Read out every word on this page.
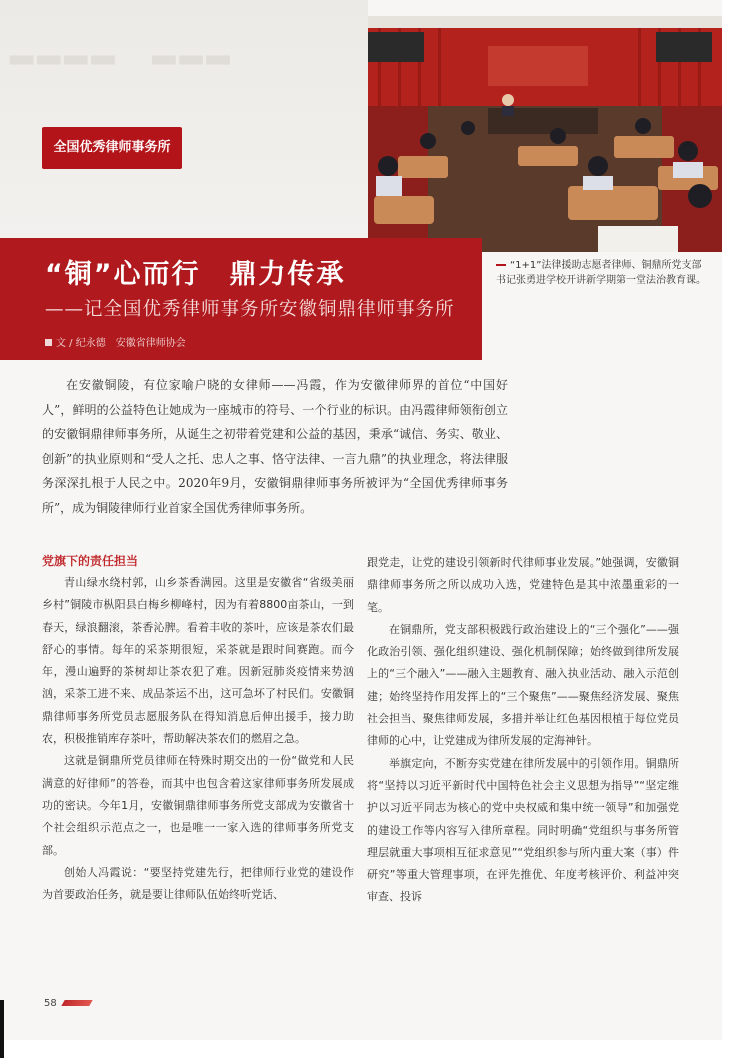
▂▂▂▂　▂▂▂
全国优秀律师事务所
“1+1”法律援助志愿者律师、铜鼎所党支部书记张勇进学校开讲新学期第一堂法治教育课。
“铜”心而行　鼎力传承
——记全国优秀律师事务所安徽铜鼎律师事务所
文 / 纪永德　安徽省律师协会

在安徽铜陵，有位家喻户晓的女律师——冯霞，作为安徽律师界的首位“中国好人”，鲜明的公益特色让她成为一座城市的符号、一个行业的标识。由冯霞律师领衔创立的安徽铜鼎律师事务所，从诞生之初带着党建和公益的基因，秉承“诚信、务实、敬业、创新”的执业原则和“受人之托、忠人之事、恪守法律、一言九鼎”的执业理念，将法律服务深深扎根于人民之中。2020年9月，安徽铜鼎律师事务所被评为“全国优秀律师事务所”，成为铜陵律师行业首家全国优秀律师事务所。

党旗下的责任担当

青山绿水绕村郭，山乡茶香满园。这里是安徽省“省级美丽乡村”铜陵市枞阳县白梅乡柳峰村，因为有着8800亩茶山，一到春天，绿浪翻滚，茶香沁脾。看着丰收的茶叶，应该是茶农们最舒心的事情。每年的采茶期很短，采茶就是跟时间赛跑。而今年，漫山遍野的茶树却让茶农犯了难。因新冠肺炎疫情来势汹汹，采茶工进不来、成品茶运不出，这可急坏了村民们。安徽铜鼎律师事务所党员志愿服务队在得知消息后伸出援手，接力助农，积极推销库存茶叶，帮助解决茶农们的燃眉之急。

这就是铜鼎所党员律师在特殊时期交出的一份“做党和人民满意的好律师”的答卷，而其中也包含着这家律师事务所发展成功的密诀。今年1月，安徽铜鼎律师事务所党支部成为安徽省十个社会组织示范点之一，也是唯一一家入选的律师事务所党支部。

创始人冯霞说：“要坚持党建先行，把律师行业党的建设作为首要政治任务，就是要让律师队伍始终听党话、

跟党走，让党的建设引领新时代律师事业发展。”她强调，安徽铜鼎律师事务所之所以成功入选，党建特色是其中浓墨重彩的一笔。

在铜鼎所，党支部积极践行政治建设上的“三个强化”——强化政治引领、强化组织建设、强化机制保障；始终做到律所发展上的“三个融入”——融入主题教育、融入执业活动、融入示范创建；始终坚持作用发挥上的“三个聚焦”——聚焦经济发展、聚焦社会担当、聚焦律师发展，多措并举让红色基因根植于每位党员律师的心中，让党建成为律所发展的定海神针。

举旗定向，不断夯实党建在律所发展中的引领作用。铜鼎所将“坚持以习近平新时代中国特色社会主义思想为指导”“坚定维护以习近平同志为核心的党中央权威和集中统一领导”和加强党的建设工作等内容写入律所章程。同时明确“党组织与事务所管理层就重大事项相互征求意见”“党组织参与所内重大案（事）件研究”等重大管理事项，在评先推优、年度考核评价、利益冲突审查、投诉

58
